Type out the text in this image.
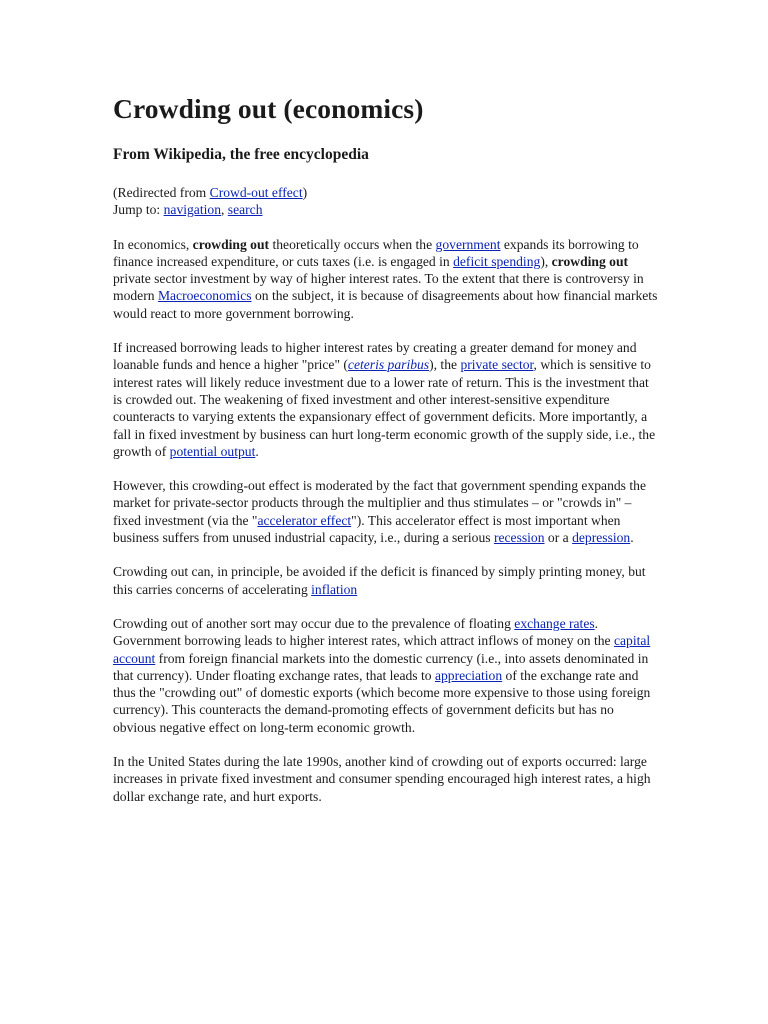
Crowding out (economics)
From Wikipedia, the free encyclopedia
(Redirected from Crowd-out effect)
Jump to: navigation, search

In economics, crowding out theoretically occurs when the government expands its borrowing to finance increased expenditure, or cuts taxes (i.e. is engaged in deficit spending), crowding out private sector investment by way of higher interest rates. To the extent that there is controversy in modern Macroeconomics on the subject, it is because of disagreements about how financial markets would react to more government borrowing.

If increased borrowing leads to higher interest rates by creating a greater demand for money and loanable funds and hence a higher "price" (ceteris paribus), the private sector, which is sensitive to interest rates will likely reduce investment due to a lower rate of return. This is the investment that is crowded out. The weakening of fixed investment and other interest-sensitive expenditure counteracts to varying extents the expansionary effect of government deficits. More importantly, a fall in fixed investment by business can hurt long-term economic growth of the supply side, i.e., the growth of potential output.

However, this crowding-out effect is moderated by the fact that government spending expands the market for private-sector products through the multiplier and thus stimulates – or "crowds in" – fixed investment (via the "accelerator effect"). This accelerator effect is most important when business suffers from unused industrial capacity, i.e., during a serious recession or a depression.

Crowding out can, in principle, be avoided if the deficit is financed by simply printing money, but this carries concerns of accelerating inflation

Crowding out of another sort may occur due to the prevalence of floating exchange rates. Government borrowing leads to higher interest rates, which attract inflows of money on the capital account from foreign financial markets into the domestic currency (i.e., into assets denominated in that currency). Under floating exchange rates, that leads to appreciation of the exchange rate and thus the "crowding out" of domestic exports (which become more expensive to those using foreign currency). This counteracts the demand-promoting effects of government deficits but has no obvious negative effect on long-term economic growth.

In the United States during the late 1990s, another kind of crowding out of exports occurred: large increases in private fixed investment and consumer spending encouraged high interest rates, a high dollar exchange rate, and hurt exports.
